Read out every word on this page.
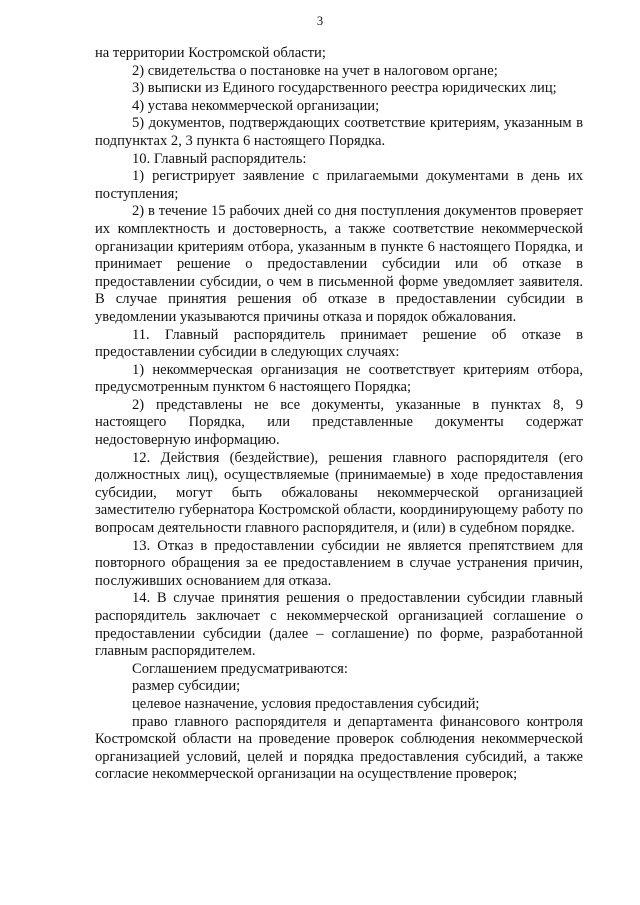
3

на территории Костромской области;

2) свидетельства о постановке на учет в налоговом органе;

3) выписки из Единого государственного реестра юридических лиц;

4) устава некоммерческой организации;

5) документов, подтверждающих соответствие критериям, указанным в подпунктах 2, 3 пункта 6 настоящего Порядка.

10. Главный распорядитель:

1) регистрирует заявление с прилагаемыми документами в день их поступления;

2) в течение 15 рабочих дней со дня поступления документов проверяет их комплектность и достоверность, а также соответствие некоммерческой организации критериям отбора, указанным в пункте 6 настоящего Порядка, и принимает решение о предоставлении субсидии или об отказе в предоставлении субсидии, о чем в письменной форме уведомляет заявителя. В случае принятия решения об отказе в предоставлении субсидии в уведомлении указываются причины отказа и порядок обжалования.

11. Главный распорядитель принимает решение об отказе в предоставлении субсидии в следующих случаях:

1) некоммерческая организация не соответствует критериям отбора, предусмотренным пунктом 6 настоящего Порядка;

2) представлены не все документы, указанные в пунктах 8, 9 настоящего Порядка, или представленные документы содержат недостоверную информацию.

12. Действия (бездействие), решения главного распорядителя (его должностных лиц), осуществляемые (принимаемые) в ходе предоставления субсидии, могут быть обжалованы некоммерческой организацией заместителю губернатора Костромской области, координирующему работу по вопросам деятельности главного распорядителя, и (или) в судебном порядке.

13. Отказ в предоставлении субсидии не является препятствием для повторного обращения за ее предоставлением в случае устранения причин, послуживших основанием для отказа.

14. В случае принятия решения о предоставлении субсидии главный распорядитель заключает с некоммерческой организацией соглашение о предоставлении субсидии (далее – соглашение) по форме, разработанной главным распорядителем.

Соглашением предусматриваются:

размер субсидии;

целевое назначение, условия предоставления субсидий;

право главного распорядителя и департамента финансового контроля Костромской области на проведение проверок соблюдения некоммерческой организацией условий, целей и порядка предоставления субсидий, а также согласие некоммерческой организации на осуществление проверок;
